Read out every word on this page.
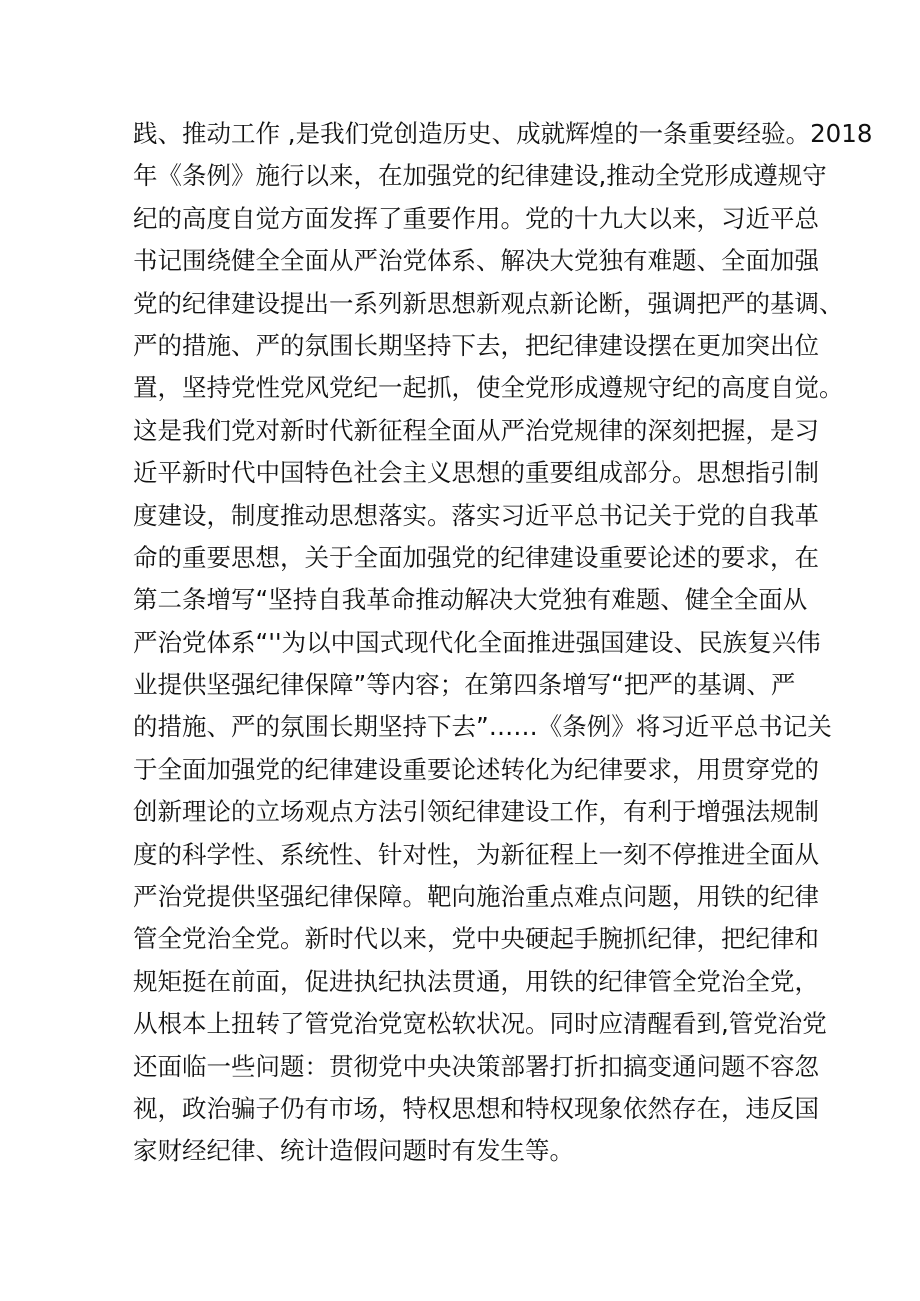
践、推动工作 ,是我们党创造历史、成就辉煌的一条重要经验。2018
年《条例》施行以来，在加强党的纪律建设,推动全党形成遵规守
纪的高度自觉方面发挥了重要作用。党的十九大以来，习近平总
书记围绕健全全面从严治党体系、解决大党独有难题、全面加强
党的纪律建设提出一系列新思想新观点新论断，强调把严的基调、
严的措施、严的氛围长期坚持下去，把纪律建设摆在更加突出位
置，坚持党性党风党纪一起抓，使全党形成遵规守纪的高度自觉。
这是我们党对新时代新征程全面从严治党规律的深刻把握，是习
近平新时代中国特色社会主义思想的重要组成部分。思想指引制
度建设，制度推动思想落实。落实习近平总书记关于党的自我革
命的重要思想，关于全面加强党的纪律建设重要论述的要求，在
第二条增写“坚持自我革命推动解决大党独有难题、健全全面从
严治党体系“''为以中国式现代化全面推进强国建设、民族复兴伟
业提供坚强纪律保障”等内容；在第四条增写“把严的基调、严
的措施、严的氛围长期坚持下去”……《条例》将习近平总书记关
于全面加强党的纪律建设重要论述转化为纪律要求，用贯穿党的
创新理论的立场观点方法引领纪律建设工作，有利于增强法规制
度的科学性、系统性、针对性，为新征程上一刻不停推进全面从
严治党提供坚强纪律保障。靶向施治重点难点问题，用铁的纪律
管全党治全党。新时代以来，党中央硬起手腕抓纪律，把纪律和
规矩挺在前面，促进执纪执法贯通，用铁的纪律管全党治全党，
从根本上扭转了管党治党宽松软状况。同时应清醒看到,管党治党
还面临一些问题：贯彻党中央决策部署打折扣搞变通问题不容忽
视，政治骗子仍有市场，特权思想和特权现象依然存在，违反国
家财经纪律、统计造假问题时有发生等。
